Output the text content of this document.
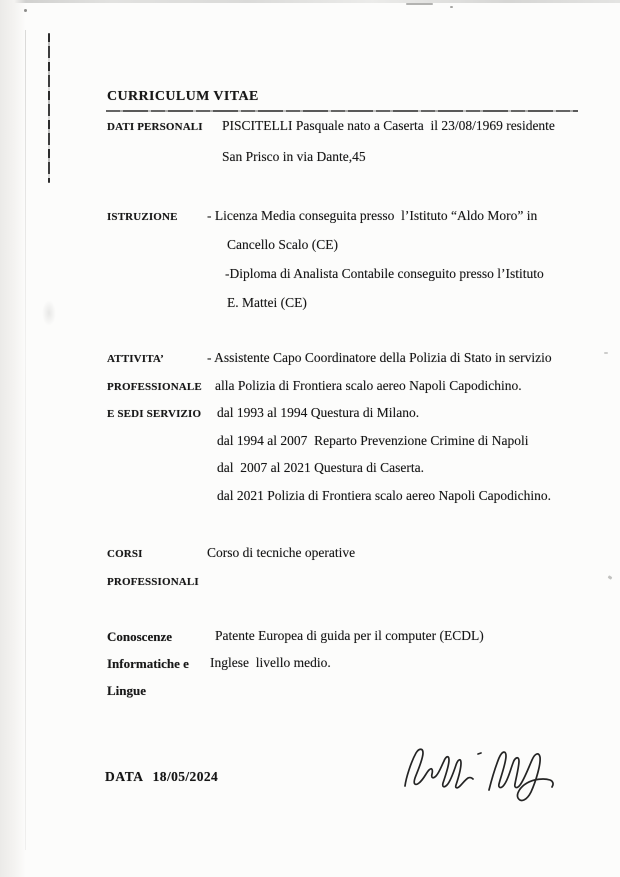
CURRICULUM VITAE
DATI PERSONALI	PISCITELLI Pasquale nato a Caserta  il 23/08/1969 residente
San Prisco in via Dante,45
ISTRUZIONE	- Licenza Media conseguita presso  l’Istituto “Aldo Moro” in
Cancello Scalo (CE)
-Diploma di Analista Contabile conseguito presso l’Istituto
E. Mattei (CE)
ATTIVITA’	- Assistente Capo Coordinatore della Polizia di Stato in servizio
PROFESSIONALE alla Polizia di Frontiera scalo aereo Napoli Capodichino.
E SEDI SERVIZIO	dal 1993 al 1994 Questura di Milano.
dal 1994 al 2007  Reparto Prevenzione Crimine di Napoli
dal  2007 al 2021 Questura di Caserta.
dal 2021 Polizia di Frontiera scalo aereo Napoli Capodichino.
CORSI	Corso di tecniche operative
PROFESSIONALI
Conoscenze	Patente Europea di guida per il computer (ECDL)
Informatiche e	Inglese  livello medio.
Lingue
DATA 18/05/2024
